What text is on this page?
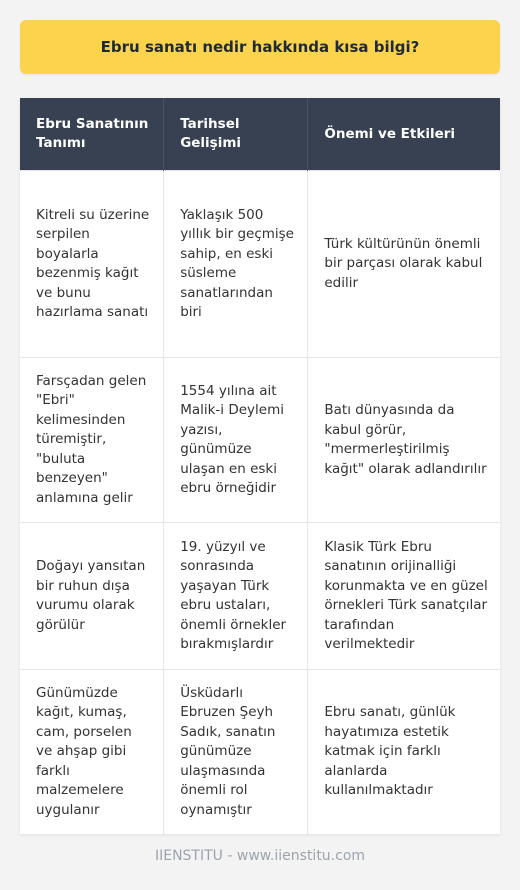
Ebru sanatı nedir hakkında kısa bilgi?
Ebru Sanatının Tanımı	Tarihsel Gelişimi	Önemi ve Etkileri
Kitreli su üzerine serpilen boyalarla bezenmiş kağıt ve bunu hazırlama sanatı	Yaklaşık 500 yıllık bir geçmişe sahip, en eski süsleme sanatlarından biri	Türk kültürünün önemli bir parçası olarak kabul edilir
Farsçadan gelen "Ebri" kelimesinden türemiştir, "buluta benzeyen" anlamına gelir	1554 yılına ait Malik-i Deylemi yazısı, günümüze ulaşan en eski ebru örneğidir	Batı dünyasında da kabul görür, "mermerleştirilmiş kağıt" olarak adlandırılır
Doğayı yansıtan bir ruhun dışa vurumu olarak görülür	19. yüzyıl ve sonrasında yaşayan Türk ebru ustaları, önemli örnekler bırakmışlardır	Klasik Türk Ebru sanatının orijinalliği korunmakta ve en güzel örnekleri Türk sanatçılar tarafından verilmektedir
Günümüzde kağıt, kumaş, cam, porselen ve ahşap gibi farklı malzemelere uygulanır	Üsküdarlı Ebruzen Şeyh Sadık, sanatın günümüze ulaşmasında önemli rol oynamıştır	Ebru sanatı, günlük hayatımıza estetik katmak için farklı alanlarda kullanılmaktadır
IIENSTITU - www.iienstitu.com
